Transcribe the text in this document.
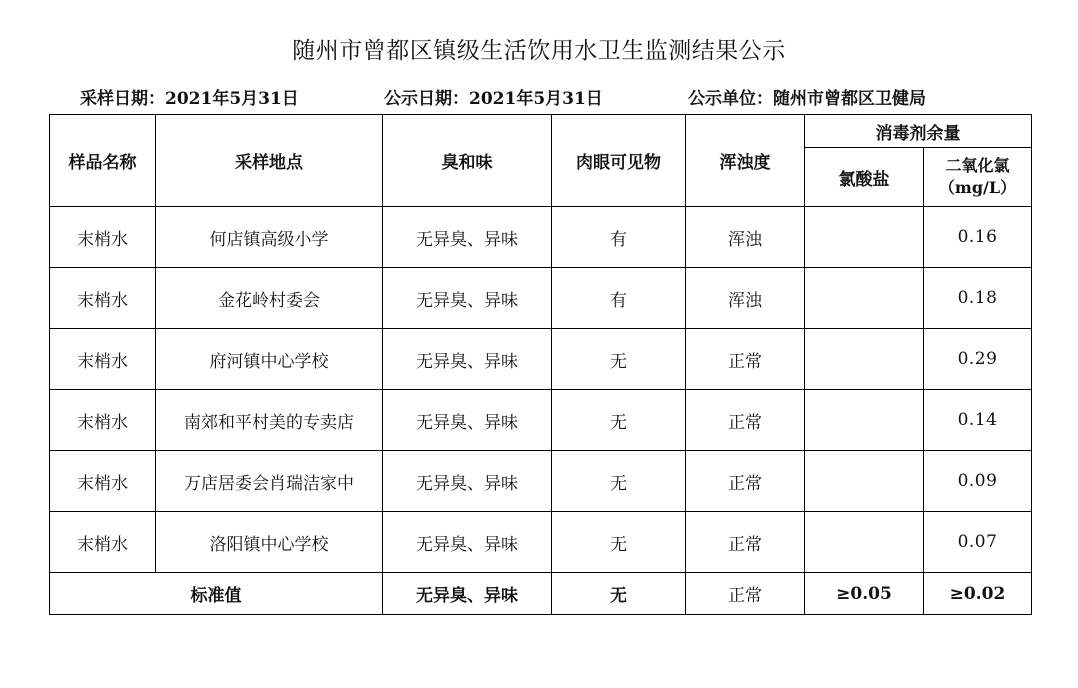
随州市曾都区镇级生活饮用水卫生监测结果公示
采样日期：2021年5月31日	公示日期：2021年5月31日	公示单位：随州市曾都区卫健局
样品名称	采样地点	臭和味	肉眼可见物	浑浊度	消毒剂余量	
					氯酸盐	二氧化氯
（mg/L）

末梢水	何店镇高级小学	无异臭、异味	有	浑浊		0.16
末梢水	金花岭村委会	无异臭、异味	有	浑浊		0.18
末梢水	府河镇中心学校	无异臭、异味	无	正常		0.29
末梢水	南郊和平村美的专卖店	无异臭、异味	无	正常		0.14
末梢水	万店居委会肖瑞洁家中	无异臭、异味	无	正常		0.09
末梢水	洛阳镇中心学校	无异臭、异味	无	正常		0.07
标准值		无异臭、异味	无	正常	≥0.05	≥0.02
